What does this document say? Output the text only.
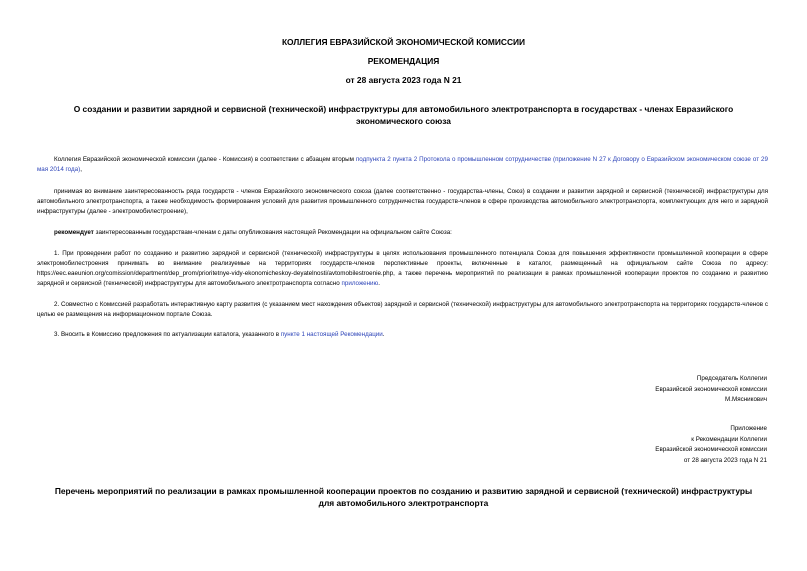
КОЛЛЕГИЯ ЕВРАЗИЙСКОЙ ЭКОНОМИЧЕСКОЙ КОМИССИИ

РЕКОМЕНДАЦИЯ

от 28 августа 2023 года N 21

О создании и развитии зарядной и сервисной (технической) инфраструктуры для автомобильного электротранспорта в государствах - членах Евразийского экономического союза

Коллегия Евразийской экономической комиссии (далее - Комиссия) в соответствии с абзацем вторым подпункта 2 пункта 2 Протокола о промышленном сотрудничестве (приложение N 27 к Договору о Евразийском экономическом союзе от 29 мая 2014 года),

принимая во внимание заинтересованность ряда государств - членов Евразийского экономического союза (далее соответственно - государства-члены, Союз) в создании и развитии зарядной и сервисной (технической) инфраструктуры для автомобильного электротранспорта, а также необходимость формирования условий для развития промышленного сотрудничества государств-членов в сфере производства автомобильного электротранспорта, комплектующих для него и зарядной инфраструктуры (далее - электромобилестроение),

рекомендует заинтересованным государствам-членам с даты опубликования настоящей Рекомендации на официальном сайте Союза:

1. При проведении работ по созданию и развитию зарядной и сервисной (технической) инфраструктуры в целях использования промышленного потенциала Союза для повышения эффективности промышленной кооперации в сфере электромобилестроения принимать во внимание реализуемые на территориях государств-членов перспективные проекты, включенные в каталог, размещенный на официальном сайте Союза по адресу: https://eec.eaeunion.org/comission/department/dep_prom/prioritetnye-vidy-ekonomicheskoy-deyatelnosti/avtomobilestroenie.php, а также перечень мероприятий по реализации в рамках промышленной кооперации проектов по созданию и развитию зарядной и сервисной (технической) инфраструктуры для автомобильного электротранспорта согласно приложению.

2. Совместно с Комиссией разработать интерактивную карту развития (с указанием мест нахождения объектов) зарядной и сервисной (технической) инфраструктуры для автомобильного электротранспорта на территориях государств-членов с целью ее размещения на информационном портале Союза.

3. Вносить в Комиссию предложения по актуализации каталога, указанного в пункте 1 настоящей Рекомендации.

Председатель Коллегии
Евразийской экономической комиссии
М.Мясникович
Приложение
к Рекомендации Коллегии
Евразийской экономической комиссии
от 28 августа 2023 года N 21

Перечень мероприятий по реализации в рамках промышленной кооперации проектов по созданию и развитию зарядной и сервисной (технической) инфраструктуры для автомобильного электротранспорта
